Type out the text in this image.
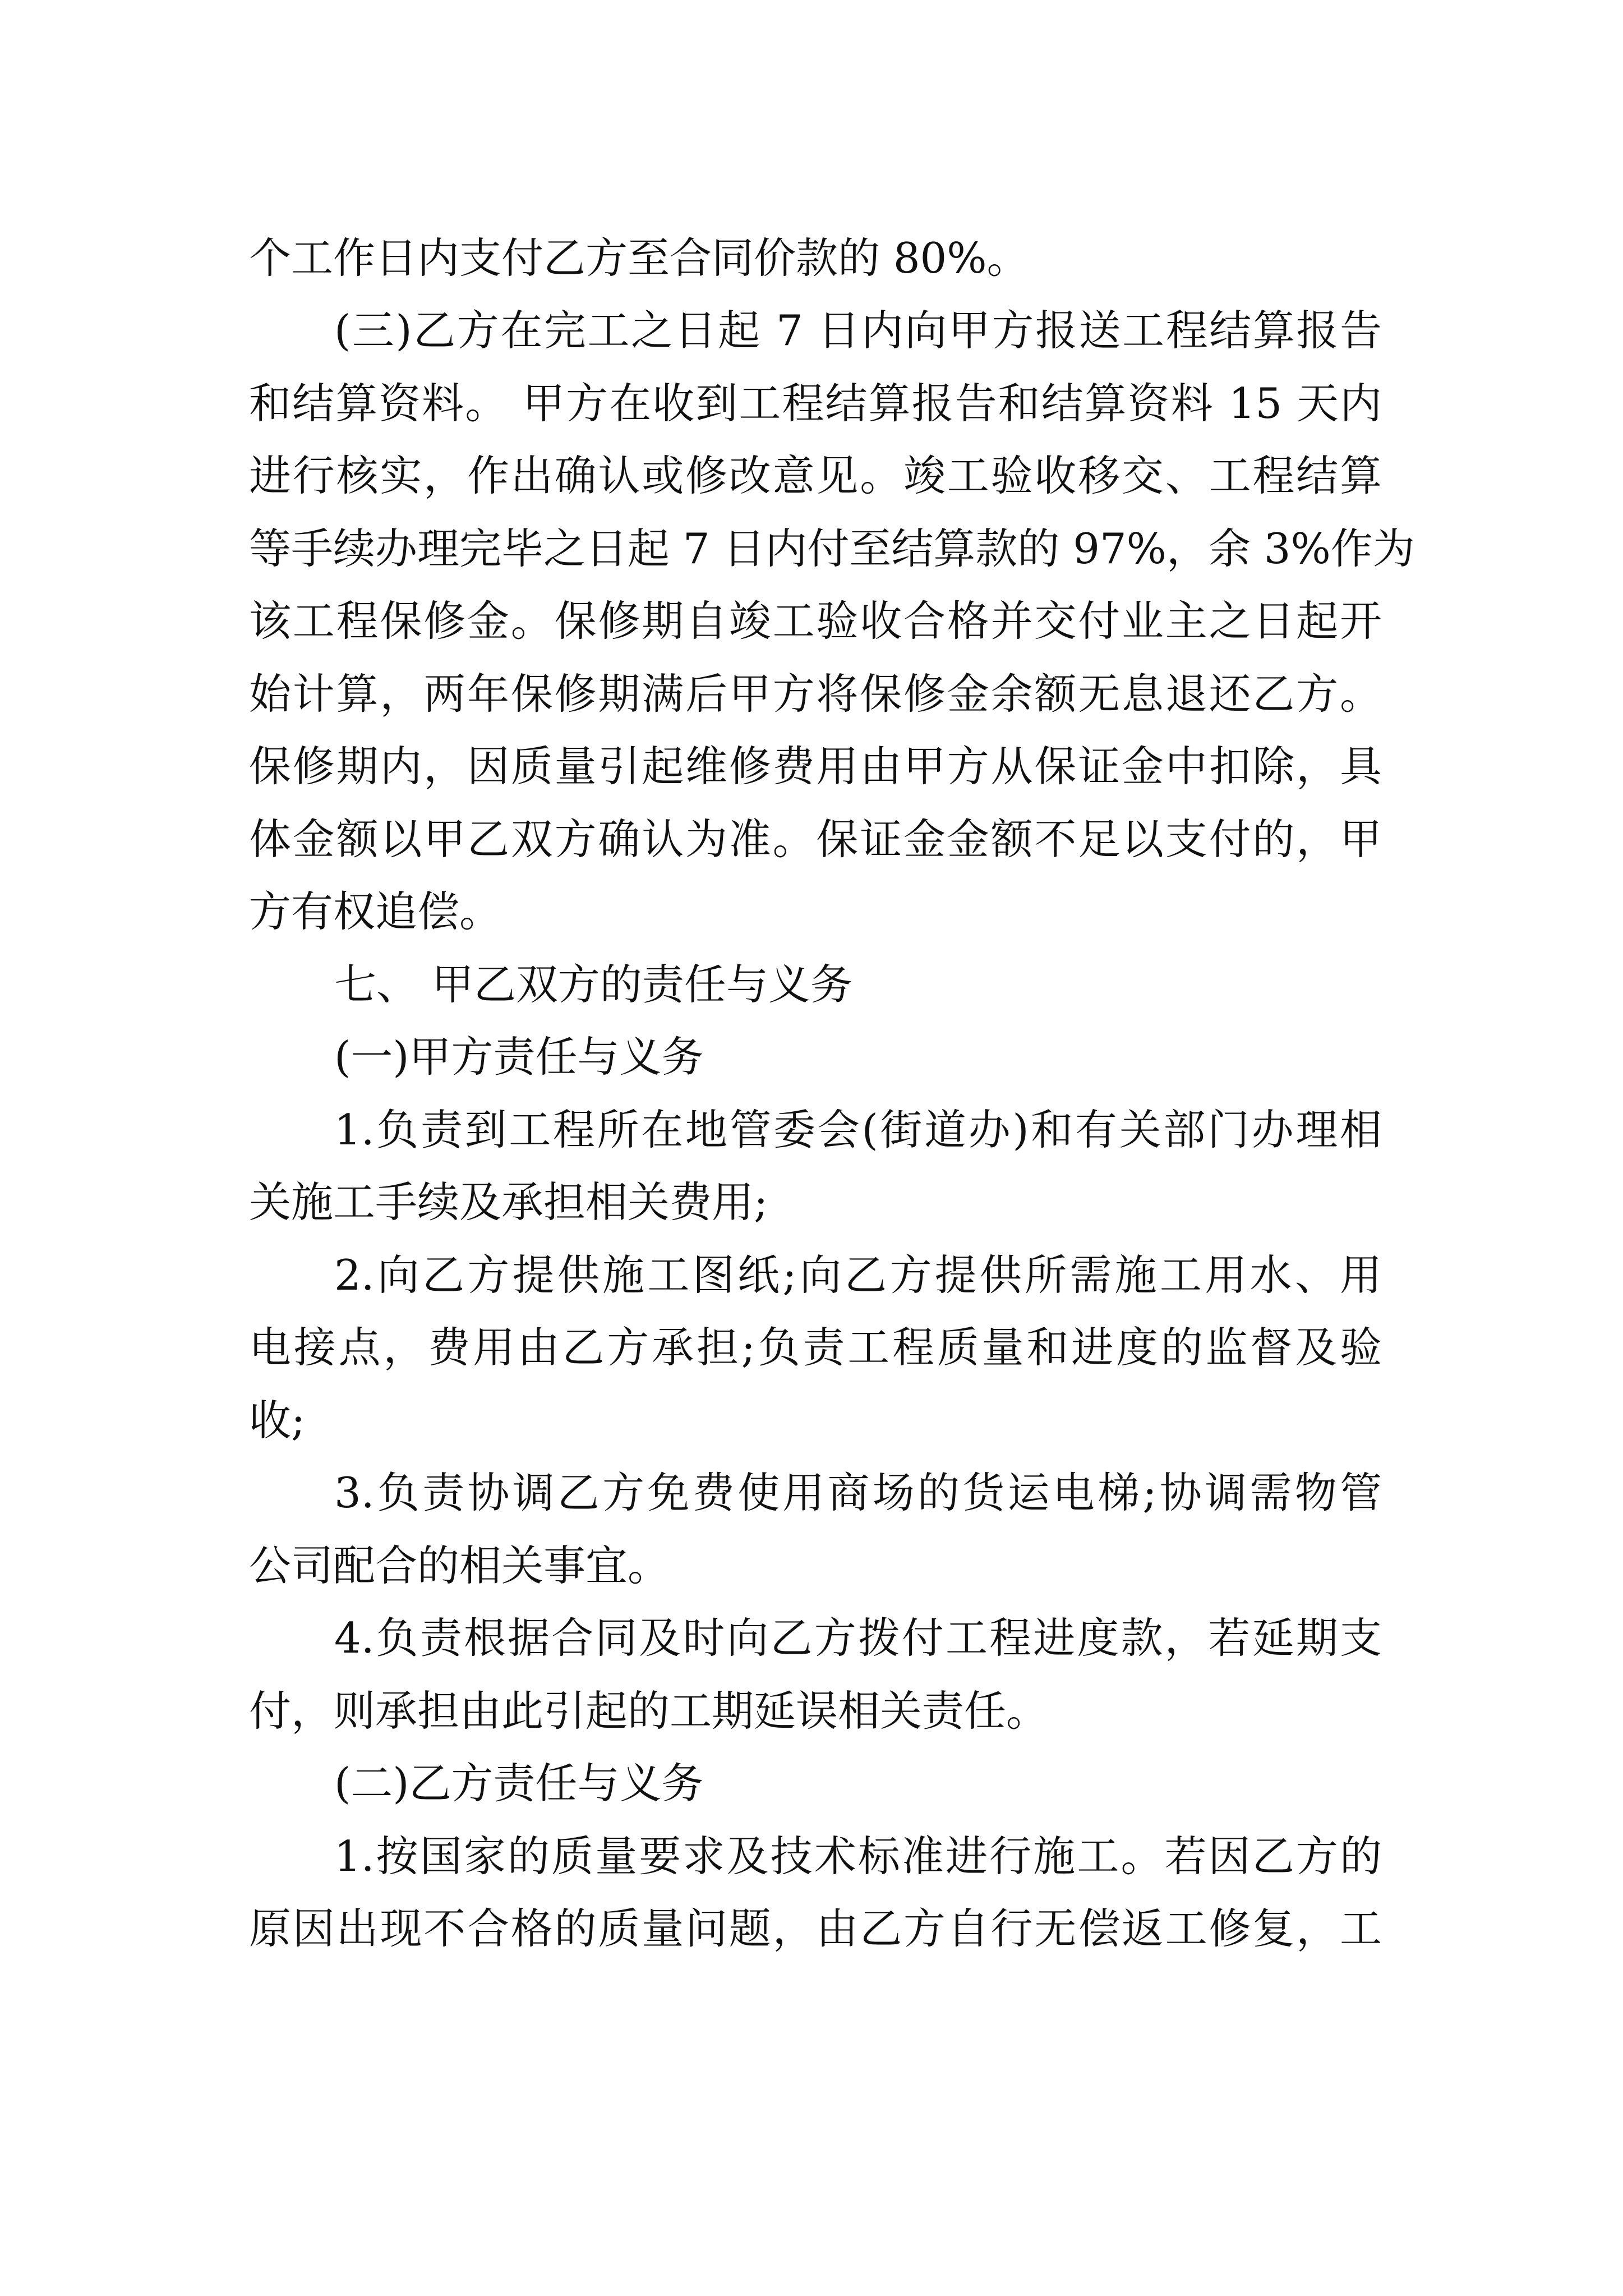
个工作日内支付乙方至合同价款的 80%。

(三)乙方在完工之日起 7 日内向甲方报送工程结算报告

和结算资料。 甲方在收到工程结算报告和结算资料 15 天内

进行核实，作出确认或修改意见。竣工验收移交、工程结算

等手续办理完毕之日起 7 日内付至结算款的 97%，余 3%作为

该工程保修金。保修期自竣工验收合格并交付业主之日起开

始计算，两年保修期满后甲方将保修金余额无息退还乙方。

保修期内，因质量引起维修费用由甲方从保证金中扣除，具

体金额以甲乙双方确认为准。保证金金额不足以支付的，甲

方有权追偿。

七、 甲乙双方的责任与义务

(一)甲方责任与义务

1.负责到工程所在地管委会(街道办)和有关部门办理相

关施工手续及承担相关费用;

2.向乙方提供施工图纸;向乙方提供所需施工用水、用

电接点，费用由乙方承担;负责工程质量和进度的监督及验

收;

3.负责协调乙方免费使用商场的货运电梯;协调需物管

公司配合的相关事宜。

4.负责根据合同及时向乙方拨付工程进度款，若延期支

付，则承担由此引起的工期延误相关责任。

(二)乙方责任与义务

1.按国家的质量要求及技术标准进行施工。若因乙方的

原因出现不合格的质量问题，由乙方自行无偿返工修复，工
